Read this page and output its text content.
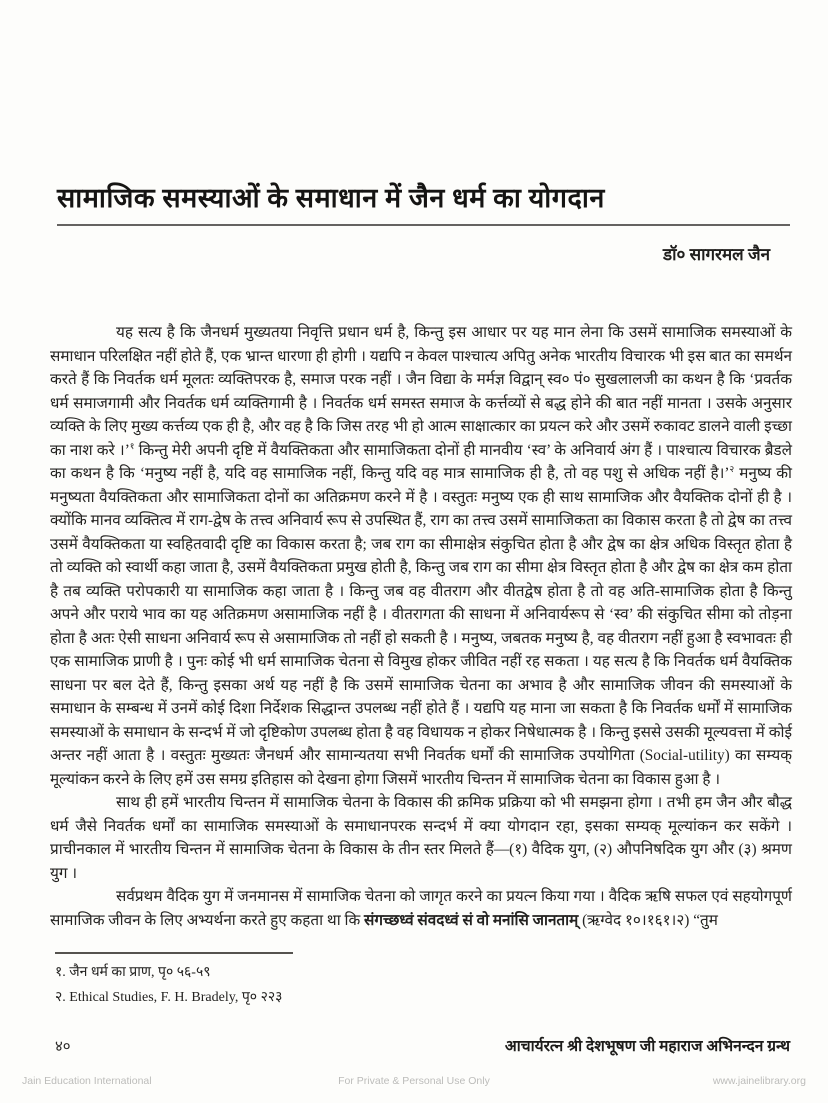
सामाजिक समस्याओं के समाधान में जैन धर्म का योगदान
डॉ० सागरमल जैन

यह सत्य है कि जैनधर्म मुख्यतया निवृत्ति प्रधान धर्म है, किन्तु इस आधार पर यह मान लेना कि उसमें सामाजिक समस्याओं के समाधान परिलक्षित नहीं होते हैं, एक भ्रान्त धारणा ही होगी । यद्यपि न केवल पाश्चात्य अपितु अनेक भारतीय विचारक भी इस बात का समर्थन करते हैं कि निवर्तक धर्म मूलतः व्यक्तिपरक है, समाज परक नहीं । जैन विद्या के मर्मज्ञ विद्वान् स्व० पं० सुखलालजी का कथन है कि ‘प्रवर्तक धर्म समाजगामी और निवर्तक धर्म व्यक्तिगामी है । निवर्तक धर्म समस्त समाज के कर्त्तव्यों से बद्ध होने की बात नहीं मानता । उसके अनुसार व्यक्ति के लिए मुख्य कर्त्तव्य एक ही है, और वह है कि जिस तरह भी हो आत्म साक्षात्कार का प्रयत्न करे और उसमें रुकावट डालने वाली इच्छा का नाश करे ।’$^१$ किन्तु मेरी अपनी दृष्टि में वैयक्तिकता और सामाजिकता दोनों ही मानवीय ‘स्व’ के अनिवार्य अंग हैं । पाश्चात्य विचारक ब्रैडले का कथन है कि ‘मनुष्य नहीं है, यदि वह सामाजिक नहीं, किन्तु यदि वह मात्र सामाजिक ही है, तो वह पशु से अधिक नहीं है।’$^२$ मनुष्य की मनुष्यता वैयक्तिकता और सामाजिकता दोनों का अतिक्रमण करने में है । वस्तुतः मनुष्य एक ही साथ सामाजिक और वैयक्तिक दोनों ही है । क्योंकि मानव व्यक्तित्व में राग-द्वेष के तत्त्व अनिवार्य रूप से उपस्थित हैं, राग का तत्त्व उसमें सामाजिकता का विकास करता है तो द्वेष का तत्त्व उसमें वैयक्तिकता या स्वहितवादी दृष्टि का विकास करता है; जब राग का सीमाक्षेत्र संकुचित होता है और द्वेष का क्षेत्र अधिक विस्तृत होता है तो व्यक्ति को स्वार्थी कहा जाता है, उसमें वैयक्तिकता प्रमुख होती है, किन्तु जब राग का सीमा क्षेत्र विस्तृत होता है और द्वेष का क्षेत्र कम होता है तब व्यक्ति परोपकारी या सामाजिक कहा जाता है । किन्तु जब वह वीतराग और वीतद्वेष होता है तो वह अति-सामाजिक होता है किन्तु अपने और पराये भाव का यह अतिक्रमण असामाजिक नहीं है । वीतरागता की साधना में अनिवार्यरूप से ‘स्व’ की संकुचित सीमा को तोड़ना होता है अतः ऐसी साधना अनिवार्य रूप से असामाजिक तो नहीं हो सकती है । मनुष्य, जबतक मनुष्य है, वह वीतराग नहीं हुआ है स्वभावतः ही एक सामाजिक प्राणी है । पुनः कोई भी धर्म सामाजिक चेतना से विमुख होकर जीवित नहीं रह सकता । यह सत्य है कि निवर्तक धर्म वैयक्तिक साधना पर बल देते हैं, किन्तु इसका अर्थ यह नहीं है कि उसमें सामाजिक चेतना का अभाव है और सामाजिक जीवन की समस्याओं के समाधान के सम्बन्ध में उनमें कोई दिशा निर्देशक सिद्धान्त उपलब्ध नहीं होते हैं । यद्यपि यह माना जा सकता है कि निवर्तक धर्मों में सामाजिक समस्याओं के समाधान के सन्दर्भ में जो दृष्टिकोण उपलब्ध होता है वह विधायक न होकर निषेधात्मक है । किन्तु इससे उसकी मूल्यवत्ता में कोई अन्तर नहीं आता है । वस्तुतः मुख्यतः जैनधर्म और सामान्यतया सभी निवर्तक धर्मों की सामाजिक उपयोगिता (Social-utility) का सम्यक् मूल्यांकन करने के लिए हमें उस समग्र इतिहास को देखना होगा जिसमें भारतीय चिन्तन में सामाजिक चेतना का विकास हुआ है ।

साथ ही हमें भारतीय चिन्तन में सामाजिक चेतना के विकास की क्रमिक प्रक्रिया को भी समझना होगा । तभी हम जैन और बौद्ध धर्म जैसे निवर्तक धर्मों का सामाजिक समस्याओं के समाधानपरक सन्दर्भ में क्या योगदान रहा, इसका सम्यक् मूल्यांकन कर सकेंगे । प्राचीनकाल में भारतीय चिन्तन में सामाजिक चेतना के विकास के तीन स्तर मिलते हैं—(१) वैदिक युग, (२) औपनिषदिक युग और (३) श्रमण युग ।

सर्वप्रथम वैदिक युग में जनमानस में सामाजिक चेतना को जागृत करने का प्रयत्न किया गया । वैदिक ऋषि सफल एवं सहयोगपूर्ण सामाजिक जीवन के लिए अभ्यर्थना करते हुए कहता था कि संगच्छध्वं संवदध्वं सं वो मनांसि जानताम् (ऋग्वेद १०।१६१।२) “तुम

१. जैन धर्म का प्राण, पृ० ५६-५९
२. Ethical Studies, F. H. Bradely, पृ० २२३
४०	आचार्यरत्न श्री देशभूषण जी महाराज अभिनन्दन ग्रन्थ
Jain Education International	For Private & Personal Use Only	www.jainelibrary.org
